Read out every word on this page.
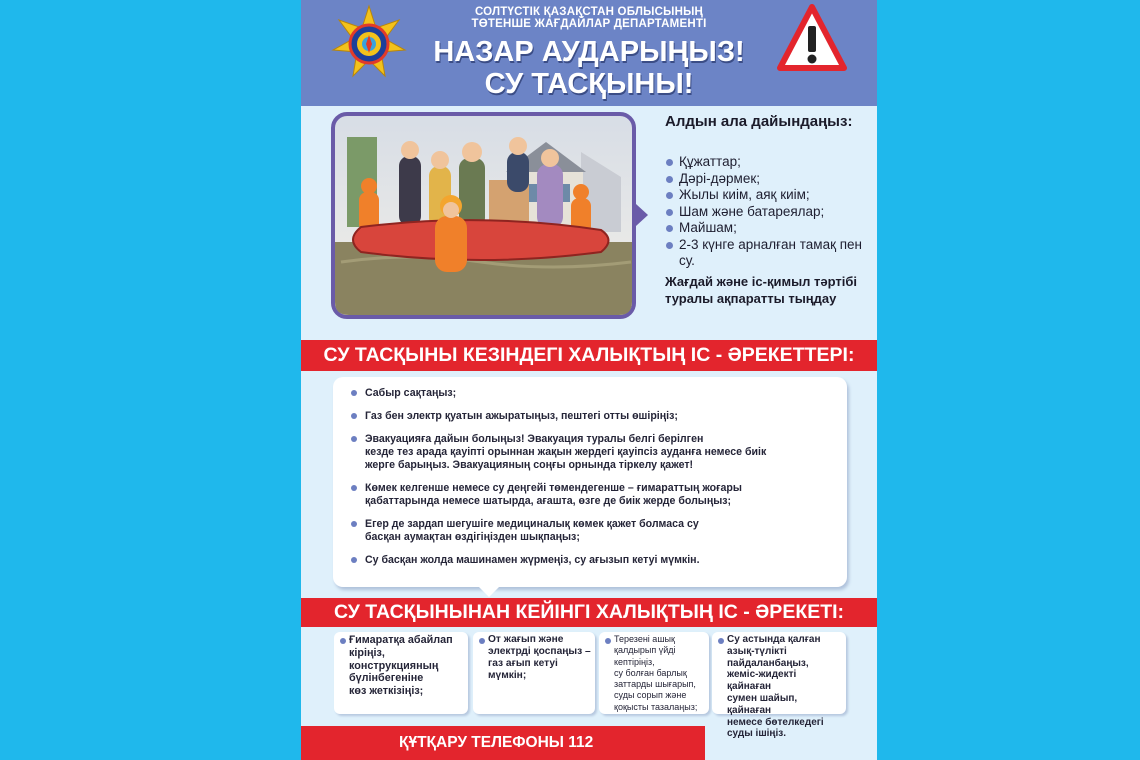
СОЛТҮСТІК ҚАЗАҚСТАН ОБЛЫСЫНЫҢ
ТӨТЕНШЕ ЖАҒДАЙЛАР ДЕПАРТАМЕНТІ
НАЗАР АУДАРЫҢЫЗ!
СУ ТАСҚЫНЫ!
Алдын ала дайындаңыз:
Құжаттар;
Дәрі-дәрмек;
Жылы киім, аяқ киім;
Шам және батареялар;
Майшам;
2-3 күнге арналған тамақ пен су.
Жағдай және іс-қимыл тәртібі туралы ақпаратты тыңдау
СУ ТАСҚЫНЫ КЕЗІНДЕГІ ХАЛЫҚТЫҢ ІС - ӘРЕКЕТТЕРІ:
Сабыр сақтаңыз;
Газ бен электр қуатын ажыратыңыз, пештегі отты өшіріңіз;
Эвакуацияға дайын болыңыз! Эвакуация туралы белгі берілген
кезде тез арада қауіпті орыннан жақын жердегі қауіпсіз ауданға немесе биік
жерге барыңыз. Эвакуацияның соңғы орнында тіркелу қажет!
Көмек келгенше немесе су деңгейі төмендегенше – ғимараттың жоғары
қабаттарында немесе шатырда, ағашта, өзге де биік жерде болыңыз;
Егер де зардап шегушіге медициналық көмек қажет болмаса су
басқан аумақтан өздігіңізден шықпаңыз;
Су басқан жолда машинамен жүрмеңіз, су ағызып кетуі мүмкін.
СУ ТАСҚЫНЫНАН КЕЙІНГІ ХАЛЫҚТЫҢ ІС - ӘРЕКЕТІ:
Ғимаратқа абайлап
кіріңіз,
конструкцияның
бүлінбегеніне
көз жеткізіңіз;
От жағып және
электрді қоспаңыз –
газ ағып кетуі
мүмкін;
Терезені ашық
қалдырып үйді
кептіріңіз,
су болған барлық
заттарды шығарып,
суды сорып және
қоқысты тазалаңыз;
Су астында қалған
азық-түлікті
пайдаланбаңыз,
жеміс-жидекті қайнаған
сумен шайып, қайнаған
немесе бөтелкедегі
суды ішіңіз.
ҚҰТҚАРУ ТЕЛЕФОНЫ 112
